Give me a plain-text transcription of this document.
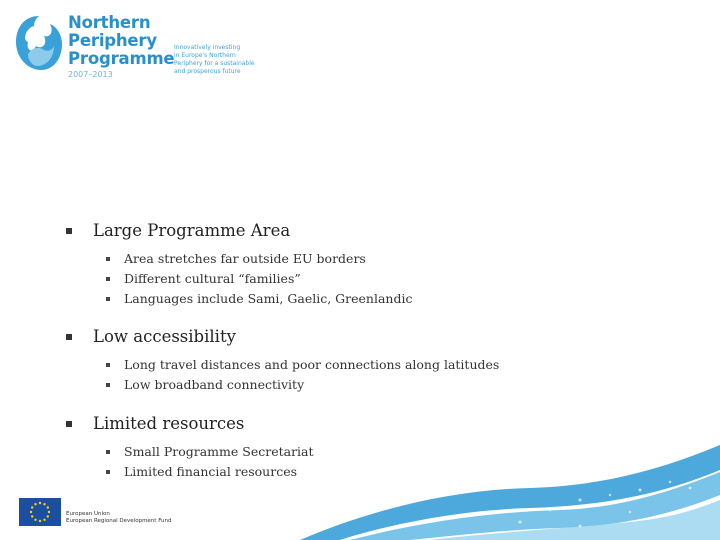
Northern
Periphery
Programme
2007–2013
Innovatively investing
in Europe's Northern
Periphery for a sustainable
and prosperous future
Large Programme Area
Area stretches far outside EU borders
Different cultural “families”
Languages include Sami, Gaelic, Greenlandic
Low accessibility
Long travel distances and poor connections along latitudes
Low broadband connectivity
Limited resources
Small Programme Secretariat
Limited financial resources
European Union
European Regional Development Fund
